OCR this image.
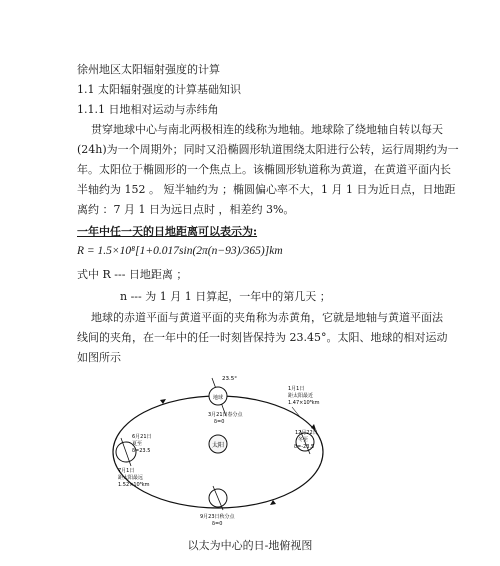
徐州地区太阳辐射强度的计算
1.1 太阳辐射强度的计算基础知识
1.1.1 日地相对运动与赤纬角
贯穿地球中心与南北两极相连的线称为地轴。地球除了绕地轴自转以每天
(24h)为一个周期外；同时又沿椭圆形轨道围绕太阳进行公转，运行周期约为一
年。太阳位于椭圆形的一个焦点上。该椭圆形轨道称为黄道，在黄道平面内长
半轴约为 152 。 短半轴约为 ；椭圆偏心率不大，1 月 1 日为近日点，日地距
离约 ：7 月 1 日为远日点时 ，相差约 3%。
一年中任一天的日地距离可以表示为:
R = 1.5×10⁸[1+0.017sin(2π(n−93)/365)]km
式中 R --- 日地距离 ；
n --- 为 1 月 1 日算起，一年中的第几天 ；
地球的赤道平面与黄道平面的夹角称为赤黄角，它就是地轴与黄道平面法
线间的夹角，在一年中的任一时刻皆保持为 23.45°。太阳、地球的相对运动
如图所示
太阳
23.5°
地球
3月21日春分点
δ=0
1月1日
距太阳最近
1.47×10⁸km
12月22日
冬至
δ=-23.5
6月21日
夏至
δ=23.5
7月1日
距太阳最远
1.52×10⁸km
9月23日秋分点
δ=0
以太为中心的日-地俯视图
